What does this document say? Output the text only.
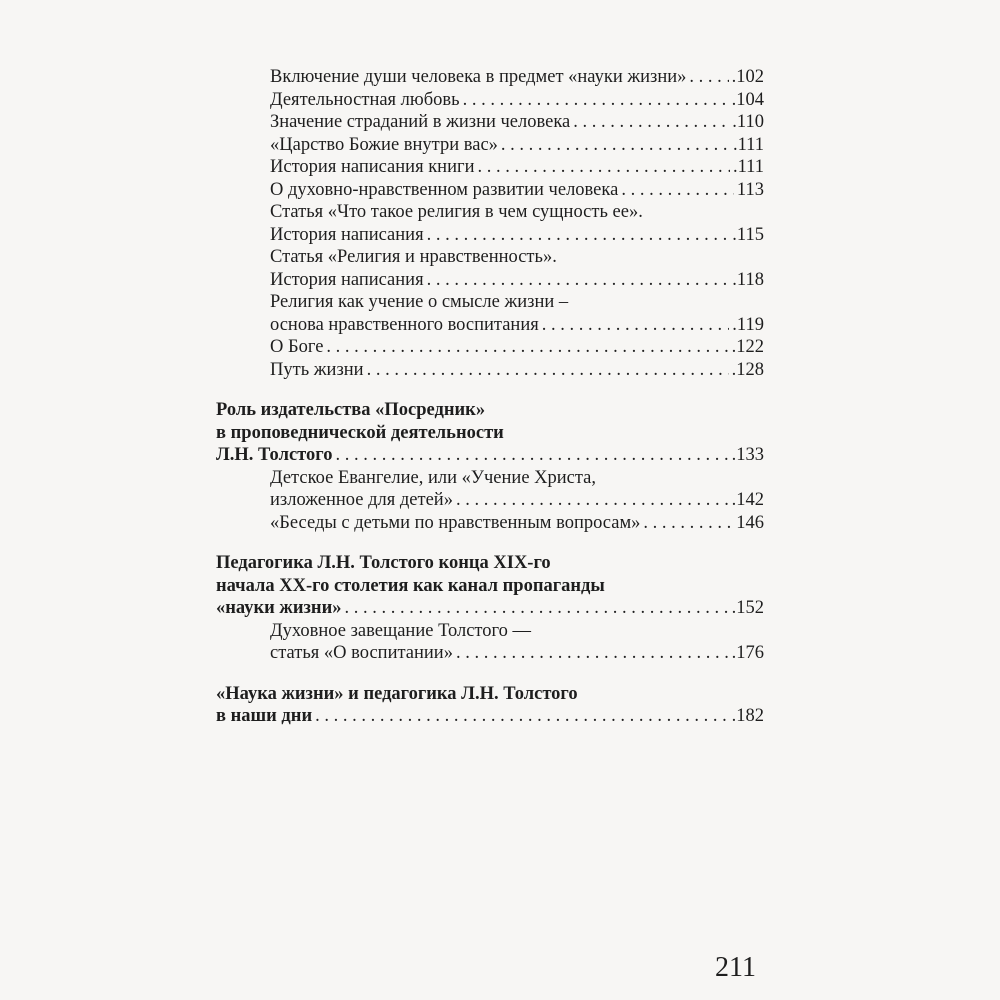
Включение души человека в предмет «науки жизни» . . . .102
Деятельностная любовь . . .	.104
Значение страданий в жизни человека . . .	.110
«Царство Божие внутри вас» . . .	.111
История написания книги . . .	.111
О духовно-нравственном развитии человека . . .	113
Статья «Что такое религия в чем сущность ее».
История написания . . .	.115
Статья «Религия и нравственность».
История написания . . .	.118
Религия как учение о смысле жизни –
основа нравственного воспитания . . .	.119
О Боге . . .	.122
Путь жизни . . .	.128
Роль издательства «Посредник»
в проповеднической деятельности
Л.Н. Толстого . . .	.133
Детское Евангелие, или «Учение Христа,
изложенное для детей» . . .	.142
«Беседы с детьми по нравственным вопросам» . . .	146
Педагогика Л.Н. Толстого конца XIX-го
начала XX-го столетия как канал пропаганды
«науки жизни» . . .	.152
Духовное завещание Толстого —
статья «О воспитании» . . .	.176
«Наука жизни» и педагогика Л.Н. Толстого
в наши дни . . .	.182
211
